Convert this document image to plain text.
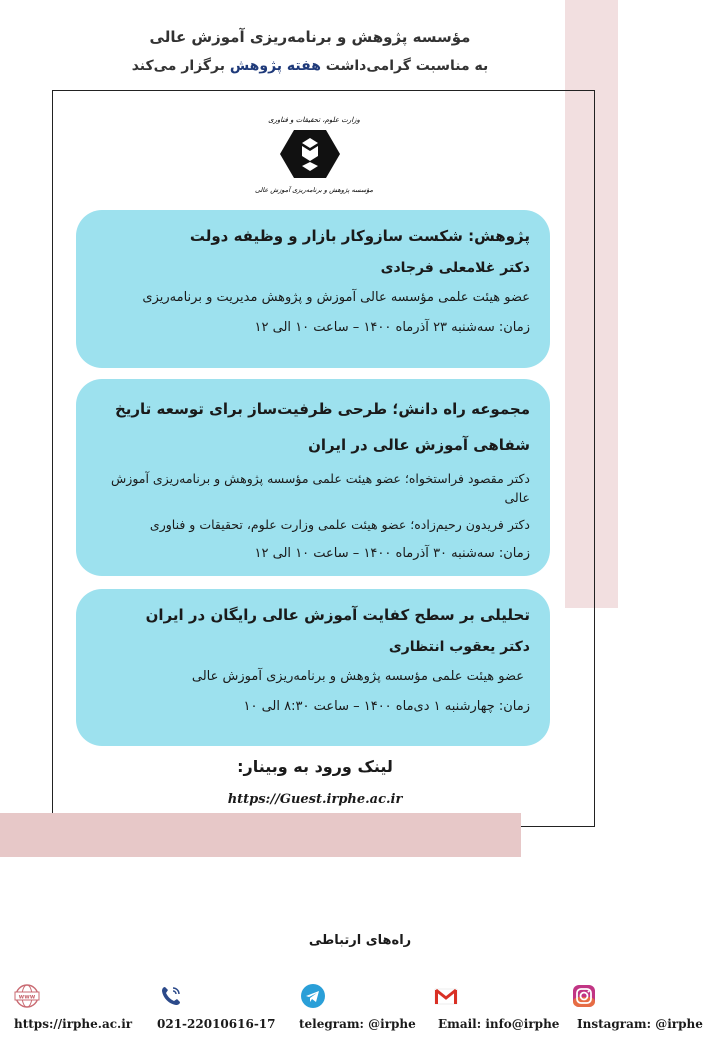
مؤسسه پژوهش و برنامه‌ریزی آموزش عالی
به مناسبت گرامی‌داشت هفته پژوهش برگزار می‌کند
وزارت علوم، تحقیقات و فناوری
مؤسسه پژوهش و برنامه‌ریزی آموزش عالی
پژوهش: شکست سازوکار بازار و وظیفه دولت
دکتر غلامعلی فرجادی
عضو هیئت علمی مؤسسه عالی آموزش و پژوهش مدیریت و برنامه‌ریزی
زمان: سه‌شنبه ۲۳ آذرماه ۱۴۰۰ – ساعت ۱۰ الی ۱۲
مجموعه راه دانش؛ طرحی ظرفیت‌ساز برای توسعه تاریخ
شفاهی آموزش عالی در ایران
دکتر مقصود فراستخواه؛ عضو هیئت علمی مؤسسه پژوهش و برنامه‌ریزی آموزش عالی
دکتر فریدون رحیم‌زاده؛ عضو هیئت علمی وزارت علوم، تحقیقات و فناوری
زمان: سه‌شنبه ۳۰ آذرماه ۱۴۰۰ – ساعت ۱۰ الی ۱۲
تحلیلی بر سطح کفایت آموزش عالی رایگان در ایران
دکتر یعقوب انتظاری
عضو هیئت علمی مؤسسه پژوهش و برنامه‌ریزی آموزش عالی
زمان: چهارشنبه ۱ دی‌ماه ۱۴۰۰ – ساعت ۸:۳۰ الی ۱۰
لینک ورود به وبینار:
https://Guest.irphe.ac.ir
راه‌های ارتباطی
www
https://irphe.ac.ir 021-22010616-17 telegram: @irphe Email: info@irphe Instagram: @irphe
